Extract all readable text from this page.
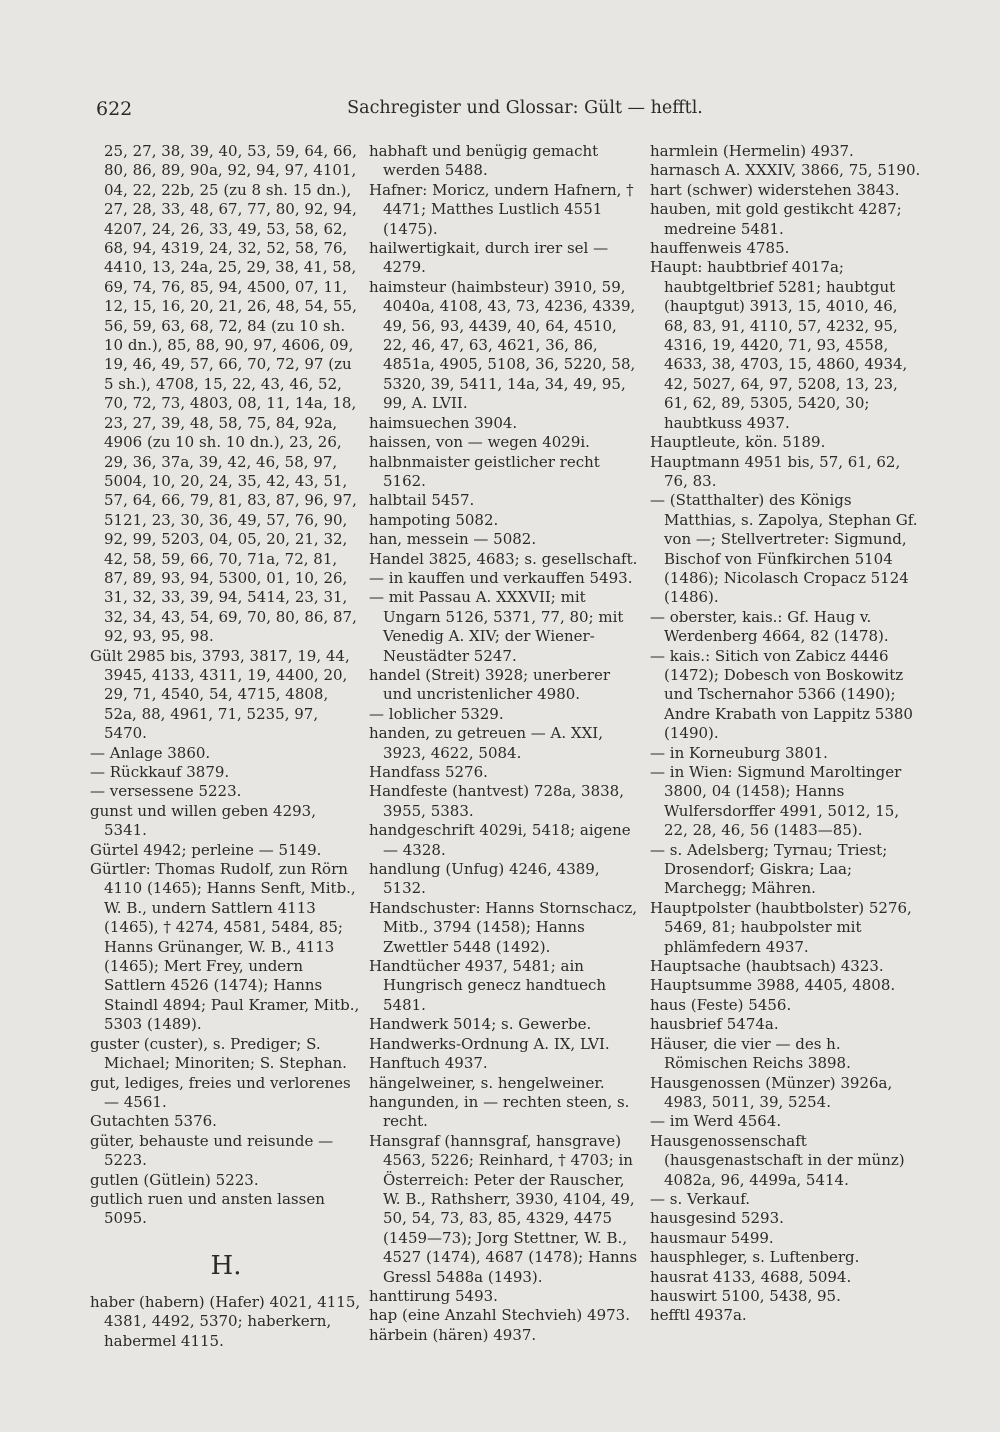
622	Sachregister und Glossar: Gült — hefftl.

25, 27, 38, 39, 40, 53, 59, 64, 66, 80, 86, 89, 90a, 92, 94, 97, 4101, 04, 22, 22b, 25 (zu 8 sh. 15 dn.), 27, 28, 33, 48, 67, 77, 80, 92, 94, 4207, 24, 26, 33, 49, 53, 58, 62, 68, 94, 4319, 24, 32, 52, 58, 76, 4410, 13, 24a, 25, 29, 38, 41, 58, 69, 74, 76, 85, 94, 4500, 07, 11, 12, 15, 16, 20, 21, 26, 48, 54, 55, 56, 59, 63, 68, 72, 84 (zu 10 sh. 10 dn.), 85, 88, 90, 97, 4606, 09, 19, 46, 49, 57, 66, 70, 72, 97 (zu 5 sh.), 4708, 15, 22, 43, 46, 52, 70, 72, 73, 4803, 08, 11, 14a, 18, 23, 27, 39, 48, 58, 75, 84, 92a, 4906 (zu 10 sh. 10 dn.), 23, 26, 29, 36, 37a, 39, 42, 46, 58, 97, 5004, 10, 20, 24, 35, 42, 43, 51, 57, 64, 66, 79, 81, 83, 87, 96, 97, 5121, 23, 30, 36, 49, 57, 76, 90, 92, 99, 5203, 04, 05, 20, 21, 32, 42, 58, 59, 66, 70, 71a, 72, 81, 87, 89, 93, 94, 5300, 01, 10, 26, 31, 32, 33, 39, 94, 5414, 23, 31, 32, 34, 43, 54, 69, 70, 80, 86, 87, 92, 93, 95, 98.

Gült 2985 bis, 3793, 3817, 19, 44, 3945, 4133, 4311, 19, 4400, 20, 29, 71, 4540, 54, 4715, 4808, 52a, 88, 4961, 71, 5235, 97, 5470.

— Anlage 3860.

— Rückkauf 3879.

— versessene 5223.

gunst und willen geben 4293, 5341.

Gürtel 4942; perleine — 5149.

Gürtler: Thomas Rudolf, zun Rörn 4110 (1465); Hanns Senft, Mitb., W. B., undern Sattlern 4113 (1465), † 4274, 4581, 5484, 85; Hanns Grünanger, W. B., 4113 (1465); Mert Frey, undern Sattlern 4526 (1474); Hanns Staindl 4894; Paul Kramer, Mitb., 5303 (1489).

guster (custer), s. Prediger; S. Michael; Minoriten; S. Stephan.

gut, lediges, freies und verlorenes — 4561.

Gutachten 5376.

güter, behauste und reisunde — 5223.

gutlen (Gütlein) 5223.

gutlich ruen und ansten lassen 5095.

H.

haber (habern) (Hafer) 4021, 4115, 4381, 4492, 5370; haberkern, habermel 4115.

habhaft und benügig gemacht werden 5488.

Hafner: Moricz, undern Hafnern, † 4471; Matthes Lustlich 4551 (1475).

hailwertigkait, durch irer sel — 4279.

haimsteur (haimbsteur) 3910, 59, 4040a, 4108, 43, 73, 4236, 4339, 49, 56, 93, 4439, 40, 64, 4510, 22, 46, 47, 63, 4621, 36, 86, 4851a, 4905, 5108, 36, 5220, 58, 5320, 39, 5411, 14a, 34, 49, 95, 99, A. LVII.

haimsuechen 3904.

haissen, von — wegen 4029i.

halbnmaister geistlicher recht 5162.

halbtail 5457.

hampoting 5082.

han, messein — 5082.

Handel 3825, 4683; s. gesellschaft.

— in kauffen und verkauffen 5493.

— mit Passau A. XXXVII; mit Ungarn 5126, 5371, 77, 80; mit Venedig A. XIV; der Wiener-Neustädter 5247.

handel (Streit) 3928; unerberer und uncristenlicher 4980.

— loblicher 5329.

handen, zu getreuen — A. XXI, 3923, 4622, 5084.

Handfass 5276.

Handfeste (hantvest) 728a, 3838, 3955, 5383.

handgeschrift 4029i, 5418; aigene — 4328.

handlung (Unfug) 4246, 4389, 5132.

Handschuster: Hanns Stornschacz, Mitb., 3794 (1458); Hanns Zwettler 5448 (1492).

Handtücher 4937, 5481; ain Hungrisch genecz handtuech 5481.

Handwerk 5014; s. Gewerbe.

Handwerks-Ordnung A. IX, LVI.

Hanftuch 4937.

hängelweiner, s. hengelweiner.

hangunden, in — rechten steen, s. recht.

Hansgraf (hannsgraf, hansgrave) 4563, 5226; Reinhard, † 4703; in Österreich: Peter der Rauscher, W. B., Rathsherr, 3930, 4104, 49, 50, 54, 73, 83, 85, 4329, 4475 (1459—73); Jorg Stettner, W. B., 4527 (1474), 4687 (1478); Hanns Gressl 5488a (1493).

hanttirung 5493.

hap (eine Anzahl Stechvieh) 4973.

härbein (hären) 4937.

harmlein (Hermelin) 4937.

harnasch A. XXXIV, 3866, 75, 5190.

hart (schwer) widerstehen 3843.

hauben, mit gold gestikcht 4287; medreine 5481.

hauffenweis 4785.

Haupt: haubtbrief 4017a; haubtgeltbrief 5281; haubtgut (hauptgut) 3913, 15, 4010, 46, 68, 83, 91, 4110, 57, 4232, 95, 4316, 19, 4420, 71, 93, 4558, 4633, 38, 4703, 15, 4860, 4934, 42, 5027, 64, 97, 5208, 13, 23, 61, 62, 89, 5305, 5420, 30; haubtkuss 4937.

Hauptleute, kön. 5189.

Hauptmann 4951 bis, 57, 61, 62, 76, 83.

— (Statthalter) des Königs Matthias, s. Zapolya, Stephan Gf. von —; Stellvertreter: Sigmund, Bischof von Fünfkirchen 5104 (1486); Nicolasch Cropacz 5124 (1486).

— oberster, kais.: Gf. Haug v. Werdenberg 4664, 82 (1478).

— kais.: Sitich von Zabicz 4446 (1472); Dobesch von Boskowitz und Tschernahor 5366 (1490); Andre Krabath von Lappitz 5380 (1490).

— in Korneuburg 3801.

— in Wien: Sigmund Maroltinger 3800, 04 (1458); Hanns Wulfersdorffer 4991, 5012, 15, 22, 28, 46, 56 (1483—85).

— s. Adelsberg; Tyrnau; Triest; Drosendorf; Giskra; Laa; Marchegg; Mähren.

Hauptpolster (haubtbolster) 5276, 5469, 81; haubpolster mit phlämfedern 4937.

Hauptsache (haubtsach) 4323.

Hauptsumme 3988, 4405, 4808.

haus (Feste) 5456.

hausbrief 5474a.

Häuser, die vier — des h. Römischen Reichs 3898.

Hausgenossen (Münzer) 3926a, 4983, 5011, 39, 5254.

— im Werd 4564.

Hausgenossenschaft (hausgenastschaft in der münz) 4082a, 96, 4499a, 5414.

— s. Verkauf.

hausgesind 5293.

hausmaur 5499.

hausphleger, s. Luftenberg.

hausrat 4133, 4688, 5094.

hauswirt 5100, 5438, 95.

hefftl 4937a.
